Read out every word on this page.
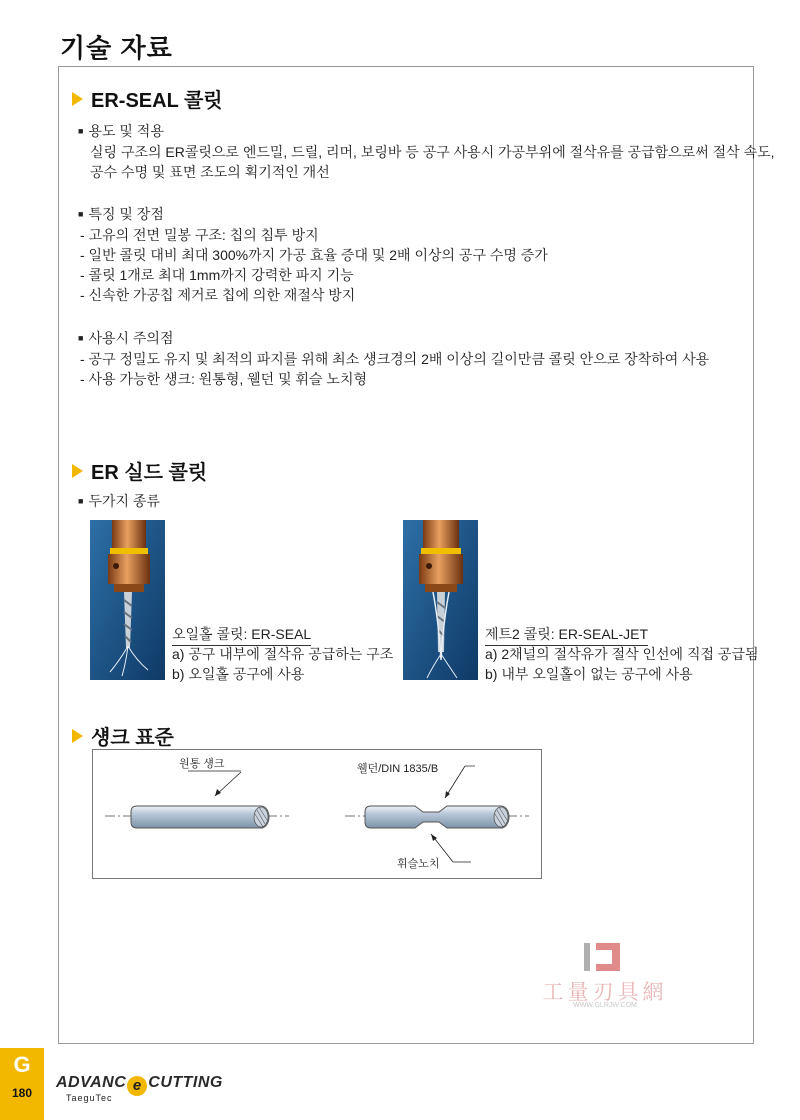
기술 자료
ER-SEAL 콜릿
■ 용도 및 적용
실링 구조의 ER콜릿으로 엔드밀, 드릴, 리머, 보링바 등 공구 사용시 가공부위에 절삭유를 공급함으로써 절삭 속도,
공수 수명 및 표면 조도의 획기적인 개선
■ 특징 및 장점
- 고유의 전면 밀봉 구조: 칩의 침투 방지
- 일반 콜릿 대비 최대 300%까지 가공 효율 증대 및 2배 이상의 공구 수명 증가
- 콜릿 1개로 최대 1mm까지 강력한 파지 기능
- 신속한 가공칩 제거로 칩에 의한 재절삭 방지
■ 사용시 주의점
- 공구 정밀도 유지 및 최적의 파지를 위해 최소 섕크경의 2배 이상의 길이만큼 콜릿 안으로 장착하여 사용
- 사용 가능한 섕크: 원통형, 웰던 및 휘슬 노치형
ER 실드 콜릿
■ 두가지 종류
오일홀 콜릿: ER-SEAL
a) 공구 내부에 절삭유 공급하는 구조
b) 오일홀 공구에 사용
제트2 콜릿: ER-SEAL-JET
a) 2채널의 절삭유가 절삭 인선에 직접 공급됨
b) 내부 오일홀이 없는 공구에 사용
섕크 표준
원통 섕크	웰던/DIN 1835/B
휘슬노치
工量刃具網
WWW.GLRJW.COM
G
180
ADVANC e CUTTING
TaeguTec
